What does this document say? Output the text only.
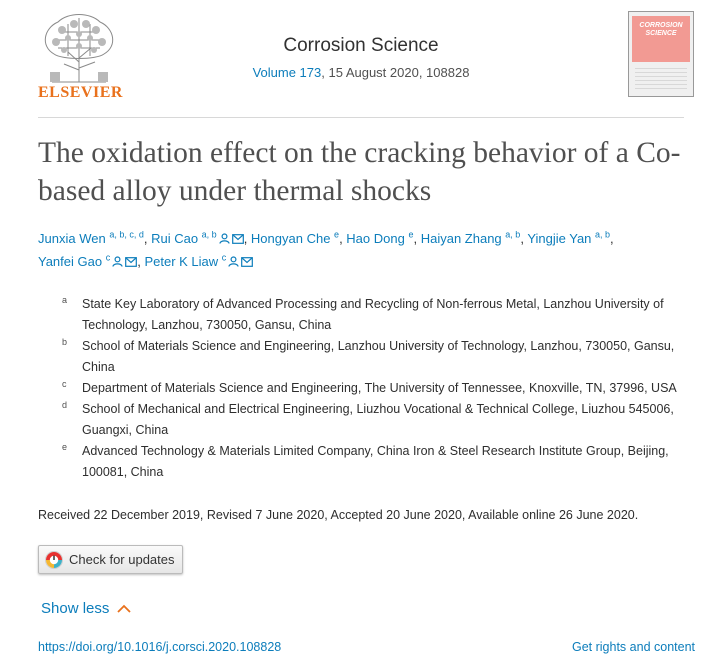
ELSEVIER
Corrosion Science
Volume 173, 15 August 2020, 108828
CORROSION SCIENCE
The oxidation effect on the cracking behavior of a Co-based alloy under thermal shocks
Junxia Wen $^{a, b, c, d}$, Rui Cao $^{a, b}$ , Hongyan Che $^e$, Hao Dong $^e$, Haiyan Zhang $^{a, b}$, Yingjie Yan $^{a, b}$, Yanfei Gao $^c$ , Peter K Liaw $^c$
a State Key Laboratory of Advanced Processing and Recycling of Non-ferrous Metal, Lanzhou University of Technology, Lanzhou, 730050, Gansu, China
b School of Materials Science and Engineering, Lanzhou University of Technology, Lanzhou, 730050, Gansu, China
c Department of Materials Science and Engineering, The University of Tennessee, Knoxville, TN, 37996, USA
d School of Mechanical and Electrical Engineering, Liuzhou Vocational & Technical College, Liuzhou 545006, Guangxi, China
e Advanced Technology & Materials Limited Company, China Iron & Steel Research Institute Group, Beijing, 100081, China
Received 22 December 2019, Revised 7 June 2020, Accepted 20 June 2020, Available online 26 June 2020.
Check for updates
Show less
https://doi.org/10.1016/j.corsci.2020.108828	Get rights and content
